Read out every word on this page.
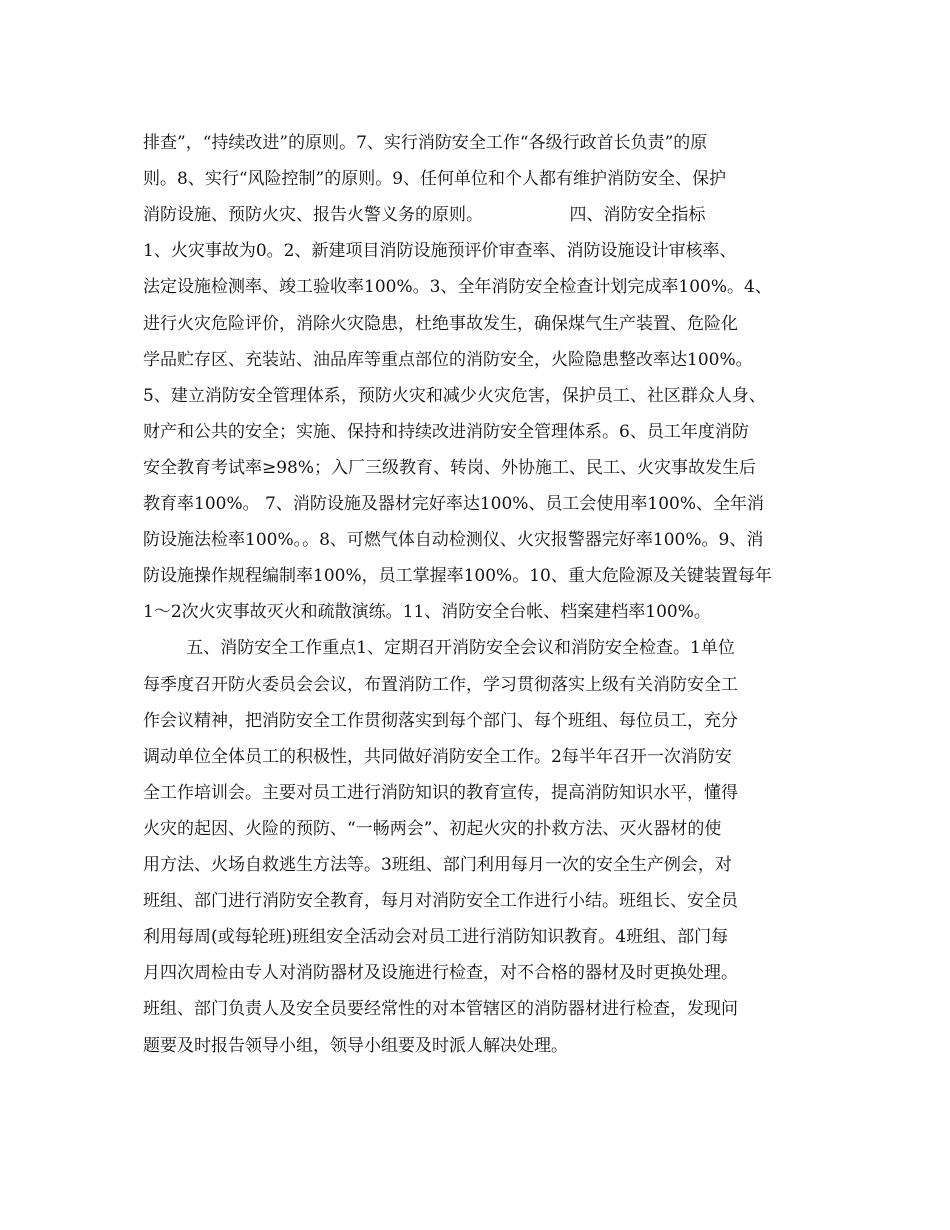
排查”，“持续改进”的原则。7、实行消防安全工作“各级行政首长负责”的原
则。8、实行“风险控制”的原则。9、任何单位和个人都有维护消防安全、保护
消防设施、预防火灾、报告火警义务的原则。                四、消防安全指标
1、火灾事故为0。2、新建项目消防设施预评价审查率、消防设施设计审核率、
法定设施检测率、竣工验收率100%。3、全年消防安全检查计划完成率100%。4、
进行火灾危险评价，消除火灾隐患，杜绝事故发生，确保煤气生产装置、危险化
学品贮存区、充装站、油品库等重点部位的消防安全，火险隐患整改率达100%。
5、建立消防安全管理体系，预防火灾和减少火灾危害，保护员工、社区群众人身、
财产和公共的安全；实施、保持和持续改进消防安全管理体系。6、员工年度消防
安全教育考试率≥98%；入厂三级教育、转岗、外协施工、民工、火灾事故发生后
教育率100%。 7、消防设施及器材完好率达100%、员工会使用率100%、全年消
防设施法检率100%。。8、可燃气体自动检测仪、火灾报警器完好率100%。9、消
防设施操作规程编制率100%，员工掌握率100%。10、重大危险源及关键装置每年
1～2次火灾事故灭火和疏散演练。11、消防安全台帐、档案建档率100%。
五、消防安全工作重点1、定期召开消防安全会议和消防安全检查。1单位
每季度召开防火委员会会议，布置消防工作，学习贯彻落实上级有关消防安全工
作会议精神，把消防安全工作贯彻落实到每个部门、每个班组、每位员工，充分
调动单位全体员工的积极性，共同做好消防安全工作。2每半年召开一次消防安
全工作培训会。主要对员工进行消防知识的教育宣传，提高消防知识水平，懂得
火灾的起因、火险的预防、“一畅两会”、初起火灾的扑救方法、灭火器材的使
用方法、火场自救逃生方法等。3班组、部门利用每月一次的安全生产例会，对
班组、部门进行消防安全教育，每月对消防安全工作进行小结。班组长、安全员
利用每周(或每轮班)班组安全活动会对员工进行消防知识教育。4班组、部门每
月四次周检由专人对消防器材及设施进行检查，对不合格的器材及时更换处理。
班组、部门负责人及安全员要经常性的对本管辖区的消防器材进行检查，发现问
题要及时报告领导小组，领导小组要及时派人解决处理。
